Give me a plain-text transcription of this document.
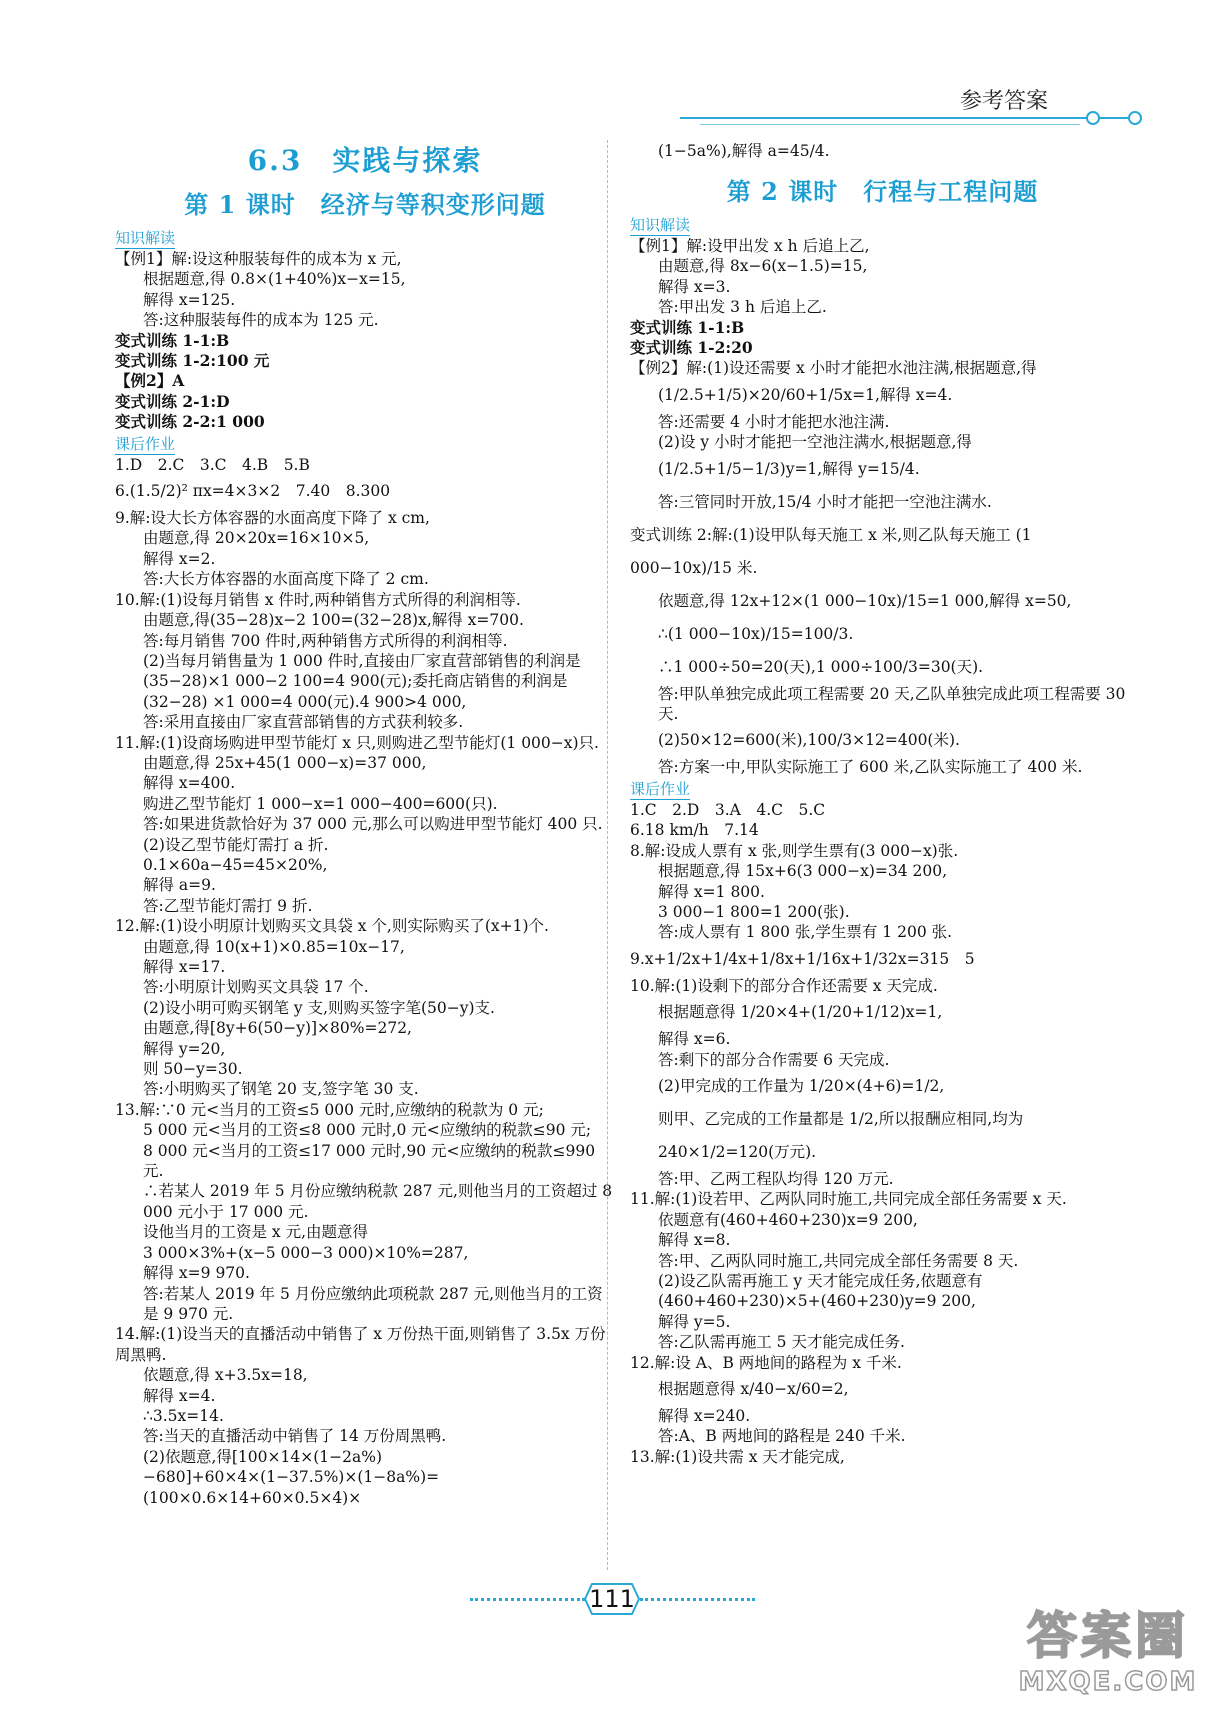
参考答案
6.3　实践与探索
第 1 课时　经济与等积变形问题
知识解读
【例1】解:设这种服装每件的成本为 x 元,
根据题意,得 0.8×(1+40%)x−x=15,
解得 x=125.
答:这种服装每件的成本为 125 元.
变式训练 1-1:B
变式训练 1-2:100 元
【例2】A
变式训练 2-1:D
变式训练 2-2:1 000
课后作业
1.D　2.C　3.C　4.B　5.B
6.(1.5/2)² πx=4×3×2　7.40　8.300
9.解:设大长方体容器的水面高度下降了 x cm,
由题意,得 20×20x=16×10×5,
解得 x=2.
答:大长方体容器的水面高度下降了 2 cm.
10.解:(1)设每月销售 x 件时,两种销售方式所得的利润相等.
由题意,得(35−28)x−2 100=(32−28)x,解得 x=700.
答:每月销售 700 件时,两种销售方式所得的利润相等.
(2)当每月销售量为 1 000 件时,直接由厂家直营部销售的利润是(35−28)×1 000−2 100=4 900(元);委托商店销售的利润是(32−28) ×1 000=4 000(元).4 900>4 000,
答:采用直接由厂家直营部销售的方式获利较多.
11.解:(1)设商场购进甲型节能灯 x 只,则购进乙型节能灯(1 000−x)只.
由题意,得 25x+45(1 000−x)=37 000,
解得 x=400.
购进乙型节能灯 1 000−x=1 000−400=600(只).
答:如果进货款恰好为 37 000 元,那么可以购进甲型节能灯 400 只.
(2)设乙型节能灯需打 a 折.
0.1×60a−45=45×20%,
解得 a=9.
答:乙型节能灯需打 9 折.
12.解:(1)设小明原计划购买文具袋 x 个,则实际购买了(x+1)个.
由题意,得 10(x+1)×0.85=10x−17,
解得 x=17.
答:小明原计划购买文具袋 17 个.
(2)设小明可购买钢笔 y 支,则购买签字笔(50−y)支.
由题意,得[8y+6(50−y)]×80%=272,
解得 y=20,
则 50−y=30.
答:小明购买了钢笔 20 支,签字笔 30 支.
13.解:∵0 元<当月的工资≤5 000 元时,应缴纳的税款为 0 元;
5 000 元<当月的工资≤8 000 元时,0 元<应缴纳的税款≤90 元;
8 000 元<当月的工资≤17 000 元时,90 元<应缴纳的税款≤990 元.
∴若某人 2019 年 5 月份应缴纳税款 287 元,则他当月的工资超过 8 000 元小于 17 000 元.
设他当月的工资是 x 元,由题意得
3 000×3%+(x−5 000−3 000)×10%=287,
解得 x=9 970.
答:若某人 2019 年 5 月份应缴纳此项税款 287 元,则他当月的工资是 9 970 元.
14.解:(1)设当天的直播活动中销售了 x 万份热干面,则销售了 3.5x 万份周黑鸭.
依题意,得 x+3.5x=18,
解得 x=4.
∴3.5x=14.
答:当天的直播活动中销售了 14 万份周黑鸭.
(2)依题意,得[100×14×(1−2a%)−680]+60×4×(1−37.5%)×(1−8a%)=(100×0.6×14+60×0.5×4)×
(1−5a%),解得 a=45/4.
第 2 课时　行程与工程问题
知识解读
【例1】解:设甲出发 x h 后追上乙,
由题意,得 8x−6(x−1.5)=15,
解得 x=3.
答:甲出发 3 h 后追上乙.
变式训练 1-1:B
变式训练 1-2:20
【例2】解:(1)设还需要 x 小时才能把水池注满,根据题意,得
(1/2.5+1/5)×20/60+1/5x=1,解得 x=4.
答:还需要 4 小时才能把水池注满.
(2)设 y 小时才能把一空池注满水,根据题意,得
(1/2.5+1/5−1/3)y=1,解得 y=15/4.
答:三管同时开放,15/4 小时才能把一空池注满水.
变式训练 2:解:(1)设甲队每天施工 x 米,则乙队每天施工 (1 000−10x)/15 米.
依题意,得 12x+12×(1 000−10x)/15=1 000,解得 x=50,
∴(1 000−10x)/15=100/3.
∴1 000÷50=20(天),1 000÷100/3=30(天).
答:甲队单独完成此项工程需要 20 天,乙队单独完成此项工程需要 30 天.
(2)50×12=600(米),100/3×12=400(米).
答:方案一中,甲队实际施工了 600 米,乙队实际施工了 400 米.
课后作业
1.C　2.D　3.A　4.C　5.C
6.18 km/h　7.14
8.解:设成人票有 x 张,则学生票有(3 000−x)张.
根据题意,得 15x+6(3 000−x)=34 200,
解得 x=1 800.
3 000−1 800=1 200(张).
答:成人票有 1 800 张,学生票有 1 200 张.
9.x+1/2x+1/4x+1/8x+1/16x+1/32x=315　5
10.解:(1)设剩下的部分合作还需要 x 天完成.
根据题意得 1/20×4+(1/20+1/12)x=1,
解得 x=6.
答:剩下的部分合作需要 6 天完成.
(2)甲完成的工作量为 1/20×(4+6)=1/2,
则甲、乙完成的工作量都是 1/2,所以报酬应相同,均为 240×1/2=120(万元).
答:甲、乙两工程队均得 120 万元.
11.解:(1)设若甲、乙两队同时施工,共同完成全部任务需要 x 天.
依题意有(460+460+230)x=9 200,
解得 x=8.
答:甲、乙两队同时施工,共同完成全部任务需要 8 天.
(2)设乙队需再施工 y 天才能完成任务,依题意有
(460+460+230)×5+(460+230)y=9 200,
解得 y=5.
答:乙队需再施工 5 天才能完成任务.
12.解:设 A、B 两地间的路程为 x 千米.
根据题意得 x/40−x/60=2,
解得 x=240.
答:A、B 两地间的路程是 240 千米.
13.解:(1)设共需 x 天才能完成,
111
答案圈
MXQE.COM
